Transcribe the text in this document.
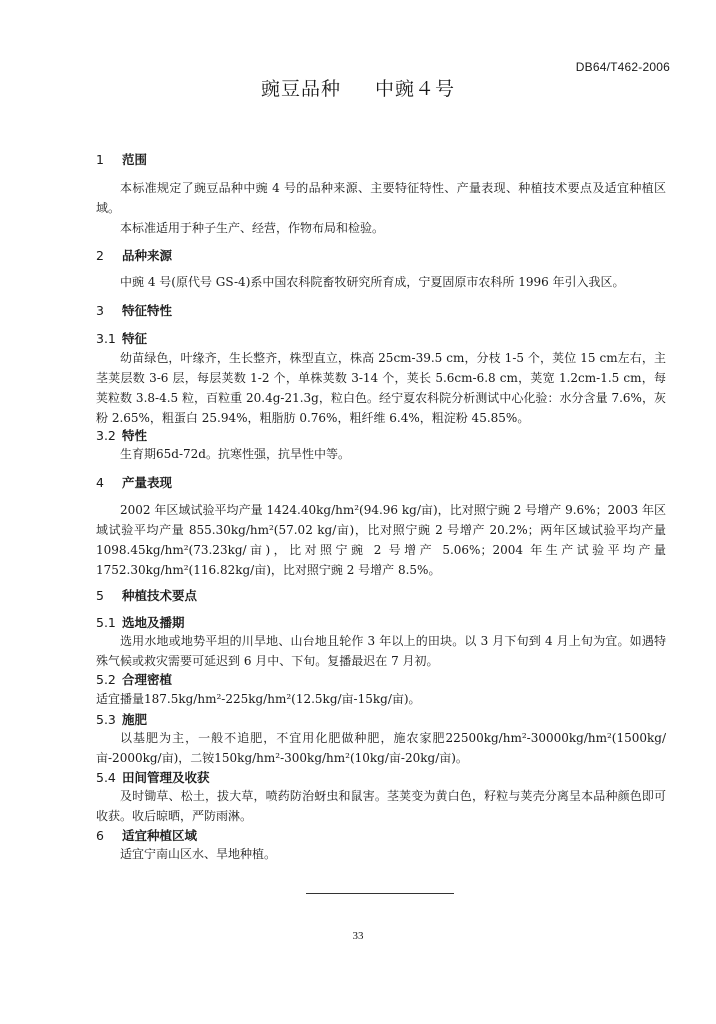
DB64/T462-2006
豌豆品种 中豌４号
1 范围

本标准规定了豌豆品种中豌 4 号的品种来源、主要特征特性、产量表现、种植技术要点及适宜种植区域。

本标准适用于种子生产、经营，作物布局和检验。

2 品种来源

中豌 4 号(原代号 GS-4)系中国农科院畜牧研究所育成，宁夏固原市农科所 1996 年引入我区。

3 特征特性
3.1 特征

幼苗绿色，叶缘齐，生长整齐，株型直立，株高 25cm-39.5 cm，分枝 1-5 个，荚位 15 cm左右，主茎荚层数 3-6 层，每层荚数 1-2 个，单株荚数 3-14 个，荚长 5.6cm-6.8 cm，荚宽 1.2cm-1.5 cm，每荚粒数 3.8-4.5 粒，百粒重 20.4g-21.3g，粒白色。经宁夏农科院分析测试中心化验：水分含量 7.6%，灰粉 2.65%，粗蛋白 25.94%，粗脂肪 0.76%，粗纤维 6.4%，粗淀粉 45.85%。

3.2 特性

生育期65d-72d。抗寒性强，抗旱性中等。

4 产量表现

2002 年区域试验平均产量 1424.40kg/hm²(94.96 kg/亩)，比对照宁豌 2 号增产 9.6%；2003 年区域试验平均产量 855.30kg/hm²(57.02 kg/亩)，比对照宁豌 2 号增产 20.2%；两年区域试验平均产量1098.45kg/hm²(73.23kg/亩)，比对照宁豌 2 号增产 5.06%；2004 年生产试验平均产量1752.30kg/hm²(116.82kg/亩)，比对照宁豌 2 号增产 8.5%。

5 种植技术要点
5.1 选地及播期

选用水地或地势平坦的川旱地、山台地且轮作 3 年以上的田块。以 3 月下旬到 4 月上旬为宜。如遇特殊气候或救灾需要可延迟到 6 月中、下旬。复播最迟在 7 月初。

5.2 合理密植

适宜播量187.5kg/hm²-225kg/hm²(12.5kg/亩-15kg/亩)。

5.3 施肥

以基肥为主，一般不追肥，不宜用化肥做种肥，施农家肥22500kg/hm²-30000kg/hm²(1500kg/亩-2000kg/亩)，二铵150kg/hm²-300kg/hm²(10kg/亩-20kg/亩)。

5.4 田间管理及收获

及时锄草、松土，拔大草，喷药防治蚜虫和鼠害。茎荚变为黄白色，籽粒与荚壳分离呈本品种颜色即可收获。收后晾晒，严防雨淋。

6 适宜种植区域

适宜宁南山区水、旱地种植。

33
